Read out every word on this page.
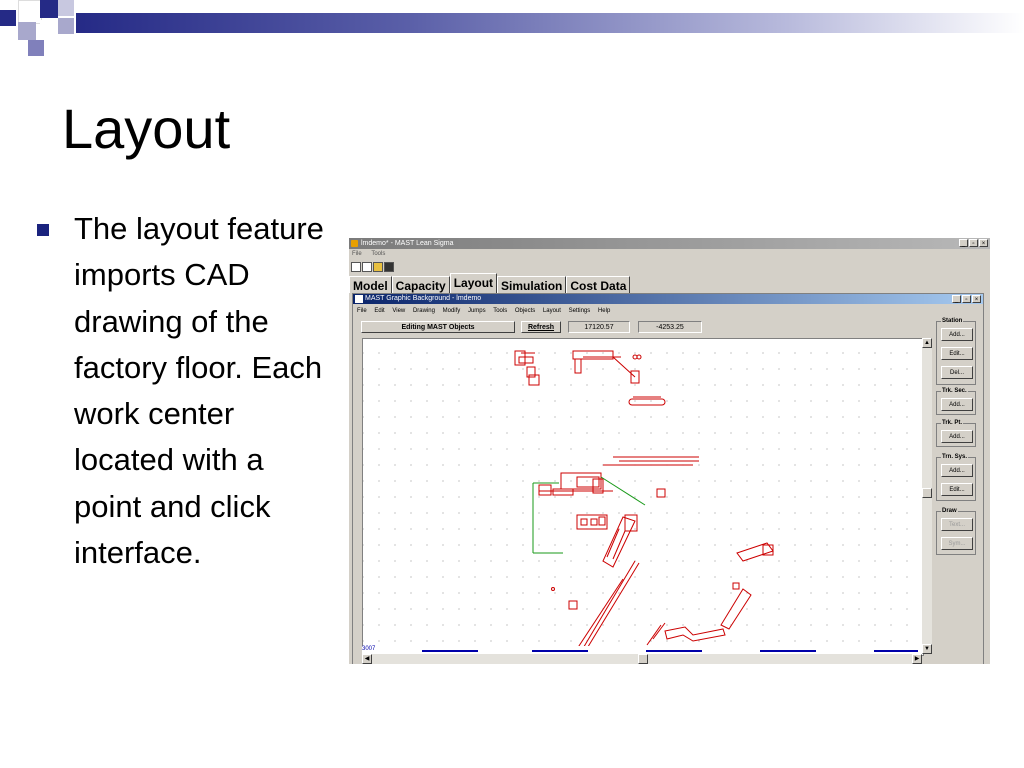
Layout
The layout feature imports CAD drawing of the factory floor. Each work center located with a point and click interface.
lmdemo* - MAST Lean Sigma	_	▫	×
File Tools
Model Capacity Layout Simulation Cost Data
MAST Graphic Background - lmdemo	_	▫	×
File Edit View Drawing Modify Jumps Tools Objects Layout Settings Help
Editing MAST Objects	Refresh	17120.57	-4253.25
3007
▲
▼
◀	▶
Station
Add...
Edit...
Del...
Trk. Sec.
Add...
Trk. Pt.
Add...
Trn. Sys.
Add...
Edit...
Draw
Text...
Sym...
